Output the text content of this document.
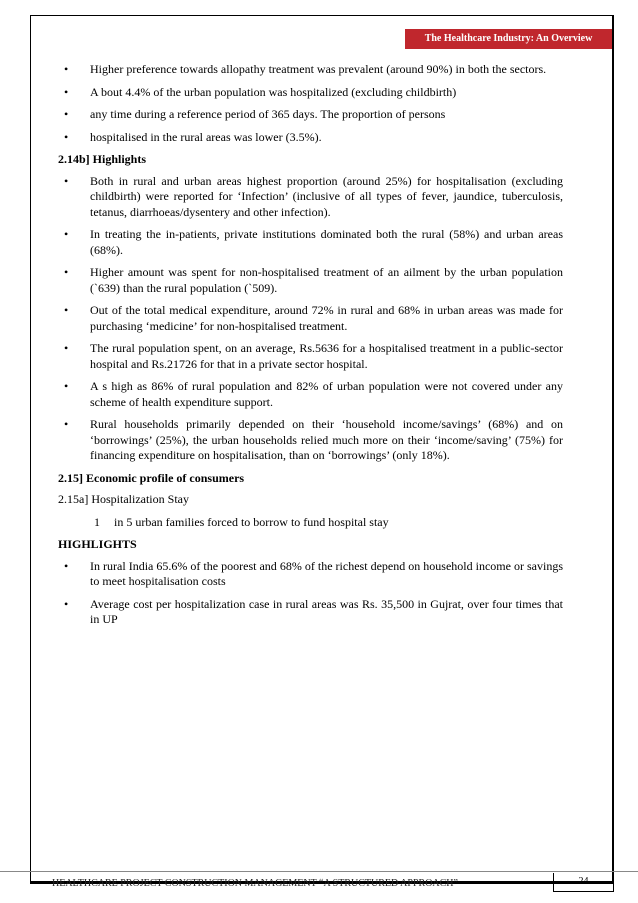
The Healthcare Industry: An Overview
• Higher preference towards allopathy treatment was prevalent (around 90%) in both the sectors.
• A bout 4.4% of the urban population was hospitalized (excluding childbirth)
• any time during a reference period of 365 days. The proportion of persons
• hospitalised in the rural areas was lower (3.5%).
2.14b] Highlights
• Both in rural and urban areas highest proportion (around 25%) for hospitalisation (excluding childbirth) were reported for ‘Infection’ (inclusive of all types of fever, jaundice, tuberculosis, tetanus, diarrhoeas/dysentery and other infection).
• In treating the in-patients, private institutions dominated both the rural (58%) and urban areas (68%).
• Higher amount was spent for non-hospitalised treatment of an ailment by the urban population (`639) than the rural population (`509).
• Out of the total medical expenditure, around 72% in rural and 68% in urban areas was made for purchasing ‘medicine’ for non-hospitalised treatment.
• The rural population spent, on an average, Rs.5636 for a hospitalised treatment in a public-sector hospital and Rs.21726 for that in a private sector hospital.
• A s high as 86% of rural population and 82% of urban population were not covered under any scheme of health expenditure support.
• Rural households primarily depended on their ‘household income/savings’ (68%) and on ‘borrowings’ (25%), the urban households relied much more on their ‘income/saving’ (75%) for financing expenditure on hospitalisation, than on ‘borrowings’ (only 18%).
2.15] Economic profile of consumers
2.15a] Hospitalization Stay
1 in 5 urban families forced to borrow to fund hospital stay
HIGHLIGHTS
• In rural India 65.6% of the poorest and 68% of the richest depend on household income or savings to meet hospitalisation costs
• Average cost per hospitalization case in rural areas was Rs. 35,500 in Gujrat, over four times that in UP
HEALTHCARE PROJECT CONSTRUCTION MANAGEMENT “A STRUCTURED APPROACH”	24
